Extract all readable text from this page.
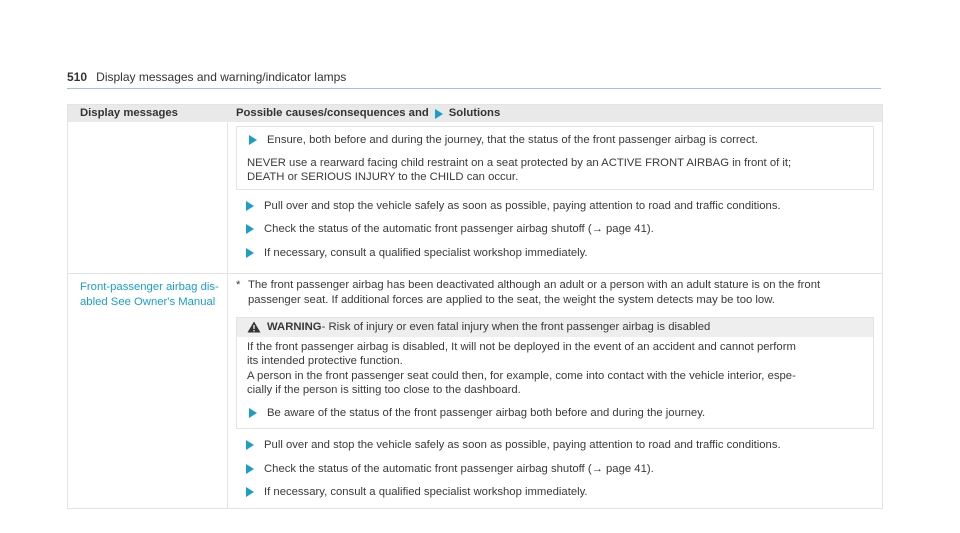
510 Display messages and warning/indicator lamps
Display messages	Possible causes/consequences and Solutions
Ensure, both before and during the journey, that the status of the front passenger airbag is correct.
NEVER use a rearward facing child restraint on a seat protected by an ACTIVE FRONT AIRBAG in front of it;
DEATH or SERIOUS INJURY to the CHILD can occur.
Pull over and stop the vehicle safely as soon as possible, paying attention to road and traffic conditions.
Check the status of the automatic front passenger airbag shutoff (→ page 41).
If necessary, consult a qualified specialist workshop immediately.
Front-passenger airbag dis-
abled See Owner's Manual
* The front passenger airbag has been deactivated although an adult or a person with an adult stature is on the front
passenger seat. If additional forces are applied to the seat, the weight the system detects may be too low.
WARNING - Risk of injury or even fatal injury when the front passenger airbag is disabled
If the front passenger airbag is disabled, It will not be deployed in the event of an accident and cannot perform
its intended protective function.
A person in the front passenger seat could then, for example, come into contact with the vehicle interior, espe-
cially if the person is sitting too close to the dashboard.
Be aware of the status of the front passenger airbag both before and during the journey.
Pull over and stop the vehicle safely as soon as possible, paying attention to road and traffic conditions.
Check the status of the automatic front passenger airbag shutoff (→ page 41).
If necessary, consult a qualified specialist workshop immediately.
